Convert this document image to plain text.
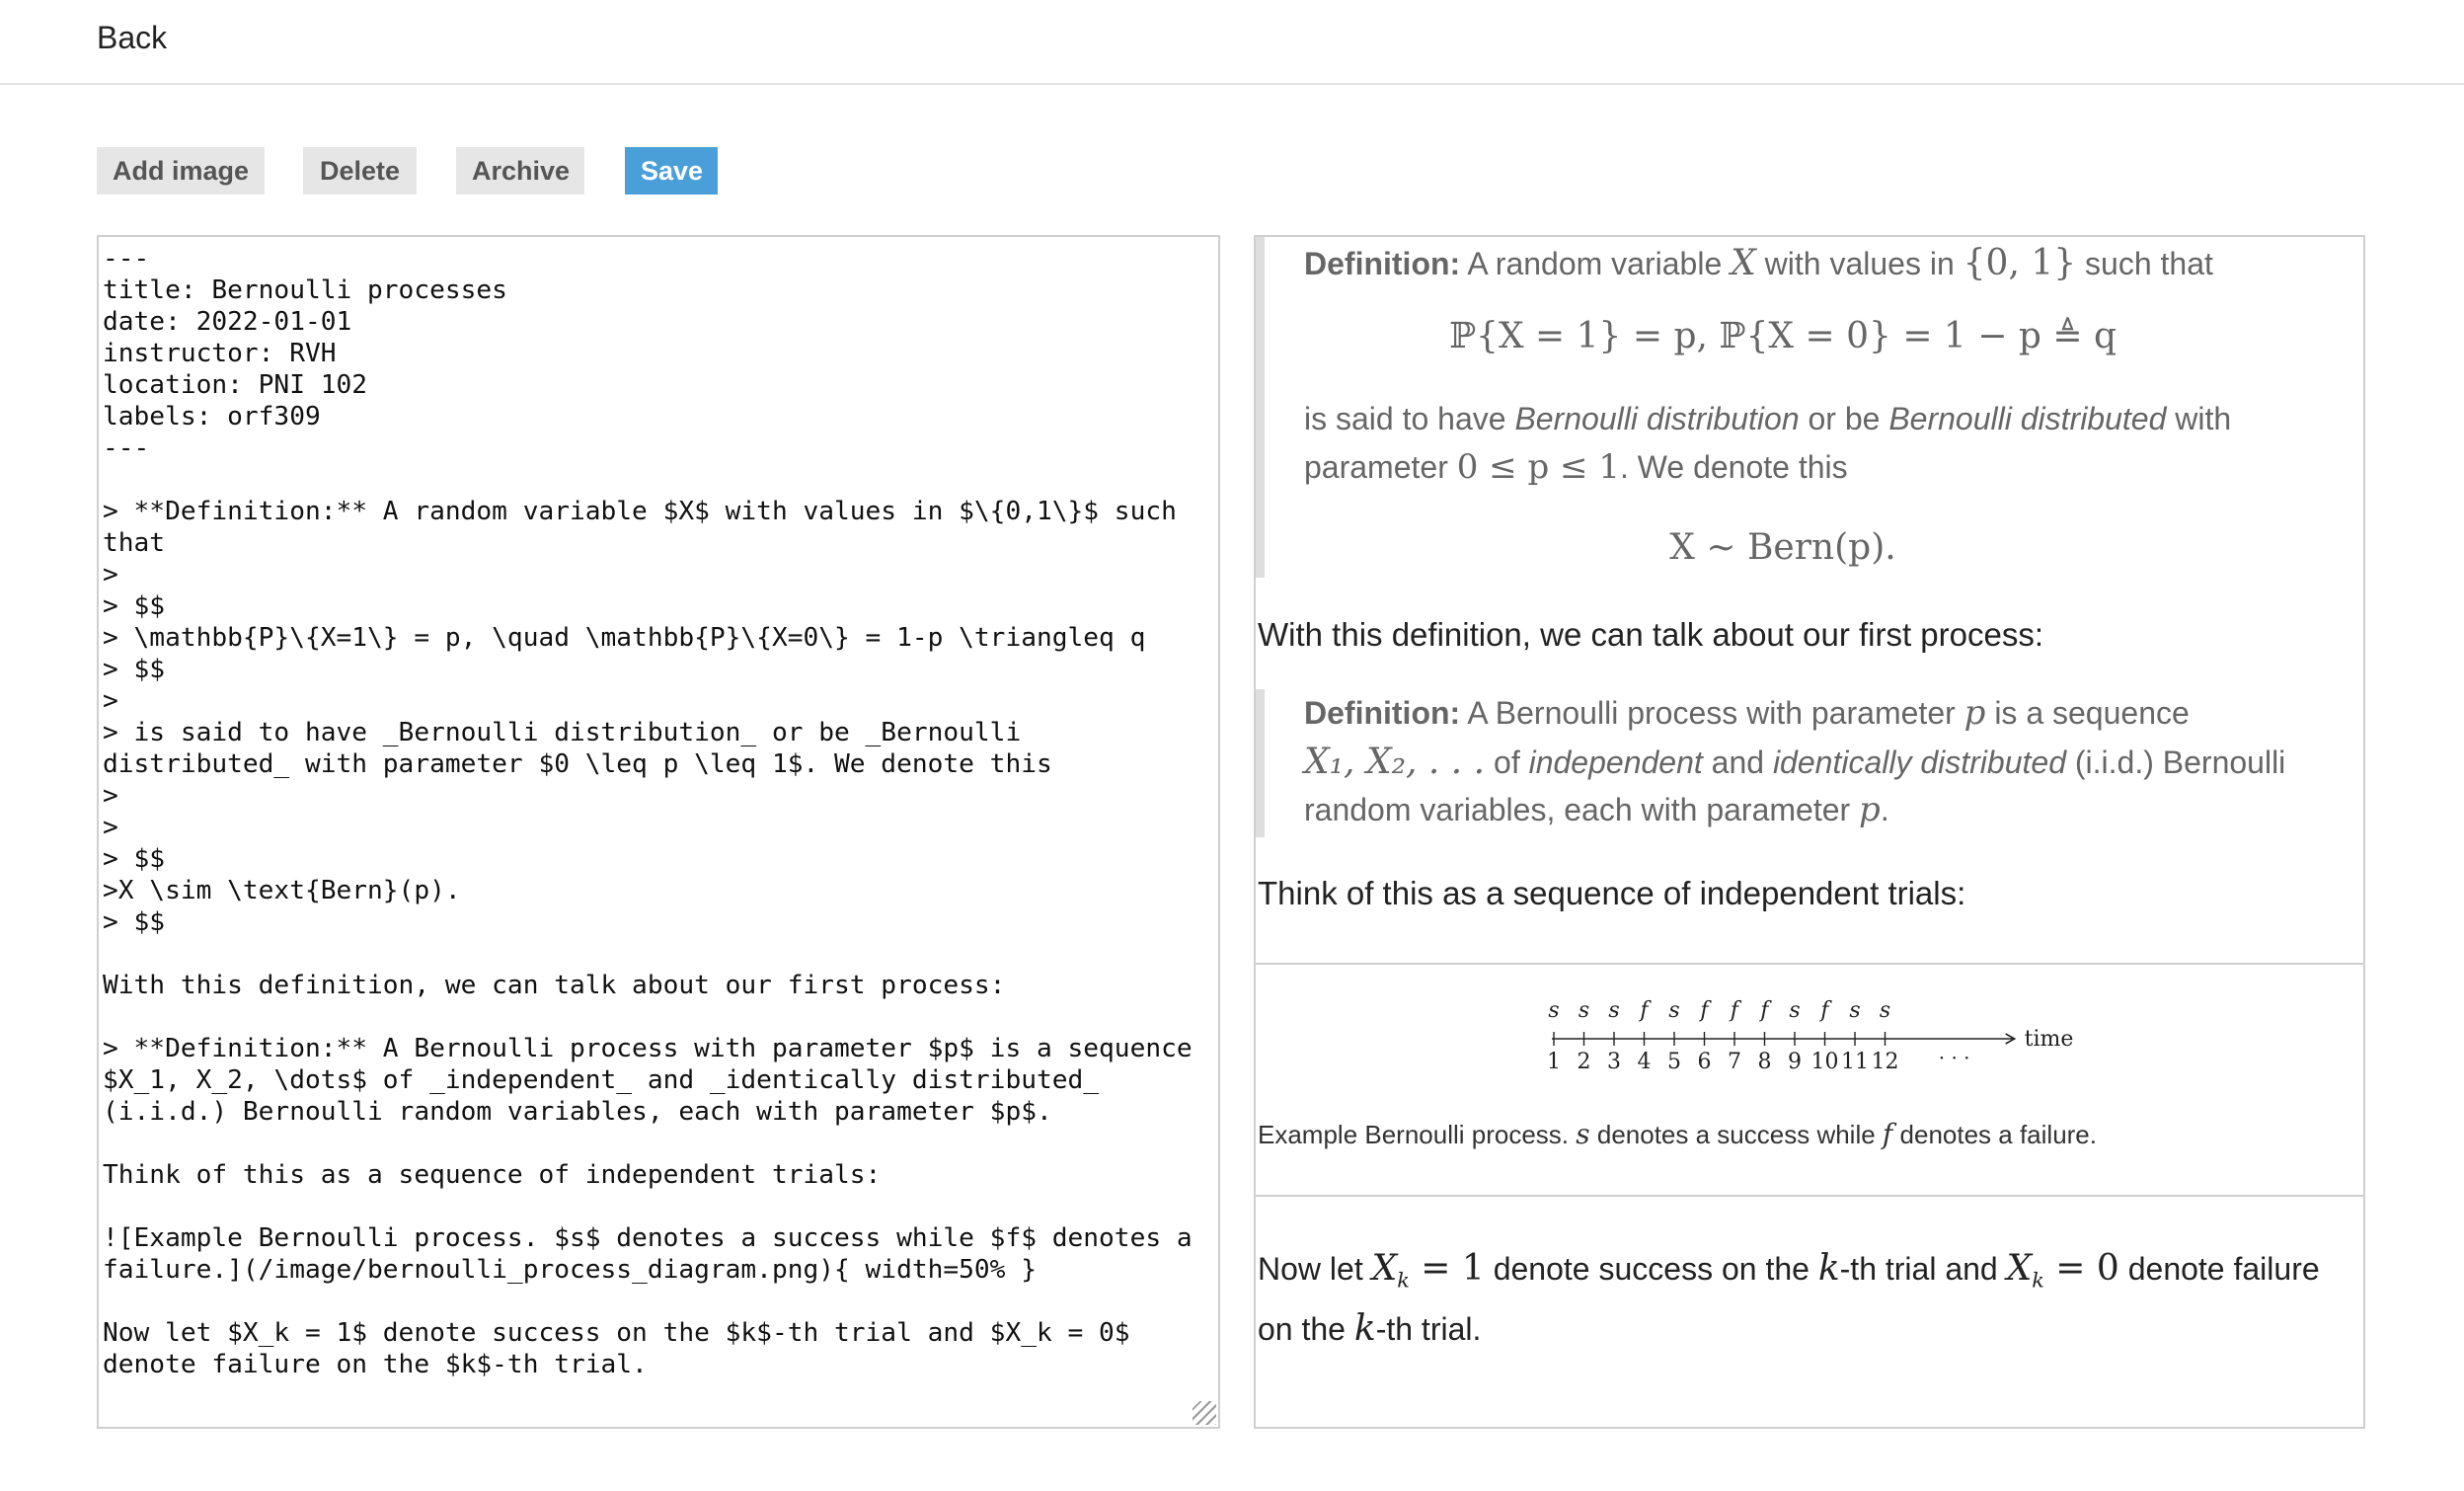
Back
Add image	Delete	Archive	Save
--- title: Bernoulli processes date: 2022-01-01 instructor: RVH location: PNI 102 labels: orf309 --- > **Definition:** A random variable $X$ with values in $\{0,1\}$ such that > > $$ > \mathbb{P}\{X=1\} = p, \quad \mathbb{P}\{X=0\} = 1-p \triangleq q > $$ > > is said to have _Bernoulli distribution_ or be _Bernoulli distributed_ with parameter $0 \leq p \leq 1$. We denote this > > > $$ >X \sim \text{Bern}(p). > $$ With this definition, we can talk about our first process: > **Definition:** A Bernoulli process with parameter $p$ is a sequence $X_1, X_2, \dots$ of _independent_ and _identically distributed_ (i.i.d.) Bernoulli random variables, each with parameter $p$. Think of this as a sequence of independent trials: ![Example Bernoulli process. $s$ denotes a success while $f$ denotes a failure.](/image/bernoulli_process_diagram.png){ width=50% } Now let $X_k = 1$ denote success on the $k$-th trial and $X_k = 0$ denote failure on the $k$-th trial.
Definition: A random variable X with values in {0, 1} such that
ℙ{X = 1} = p, ℙ{X = 0} = 1 − p ≜ q
is said to have Bernoulli distribution or be Bernoulli distributed with parameter 0 ≤ p ≤ 1. We denote this
X ∼ Bern(p).
With this definition, we can talk about our first process:
Definition: A Bernoulli process with parameter p is a sequence
X₁, X₂, . . . of independent and identically distributed (i.i.d.) Bernoulli
random variables, each with parameter p.
Think of this as a sequence of independent trials:
time
1
s
2
s
3
s
4
f
5
s
6
f
7
f
8
f
9
s
10
f
11
s
12
s
· · ·
Example Bernoulli process. s denotes a success while f denotes a failure.
Now let $X_k = 1$ denote success on the k-th trial and $X_k = 0$ denote failure
on the k-th trial.
